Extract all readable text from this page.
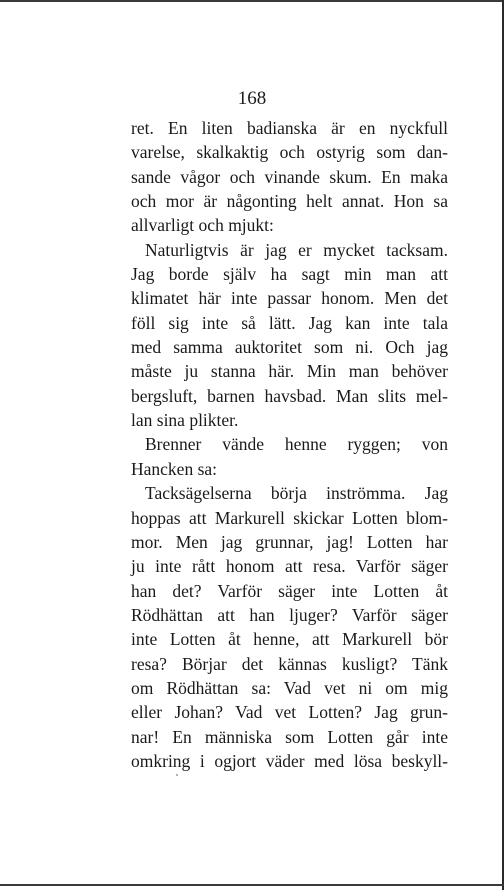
168
ret. En liten badianska är en nyckfull
varelse, skalkaktig och ostyrig som dan-
sande vågor och vinande skum. En maka
och mor är någonting helt annat. Hon sa
allvarligt och mjukt:
Naturligtvis är jag er mycket tacksam.
Jag borde själv ha sagt min man att
klimatet här inte passar honom. Men det
föll sig inte så lätt. Jag kan inte tala
med samma auktoritet som ni. Och jag
måste ju stanna här. Min man behöver
bergsluft, barnen havsbad. Man slits mel-
lan sina plikter.
Brenner vände henne ryggen; von
Hancken sa:
Tacksägelserna börja inströmma. Jag
hoppas att Markurell skickar Lotten blom-
mor. Men jag grunnar, jag! Lotten har
ju inte rått honom att resa. Varför säger
han det? Varför säger inte Lotten åt
Rödhättan att han ljuger? Varför säger
inte Lotten åt henne, att Markurell bör
resa? Börjar det kännas kusligt? Tänk
om Rödhättan sa: Vad vet ni om mig
eller Johan? Vad vet Lotten? Jag grun-
nar! En människa som Lotten går inte
omkring i ogjort väder med lösa beskyll-
